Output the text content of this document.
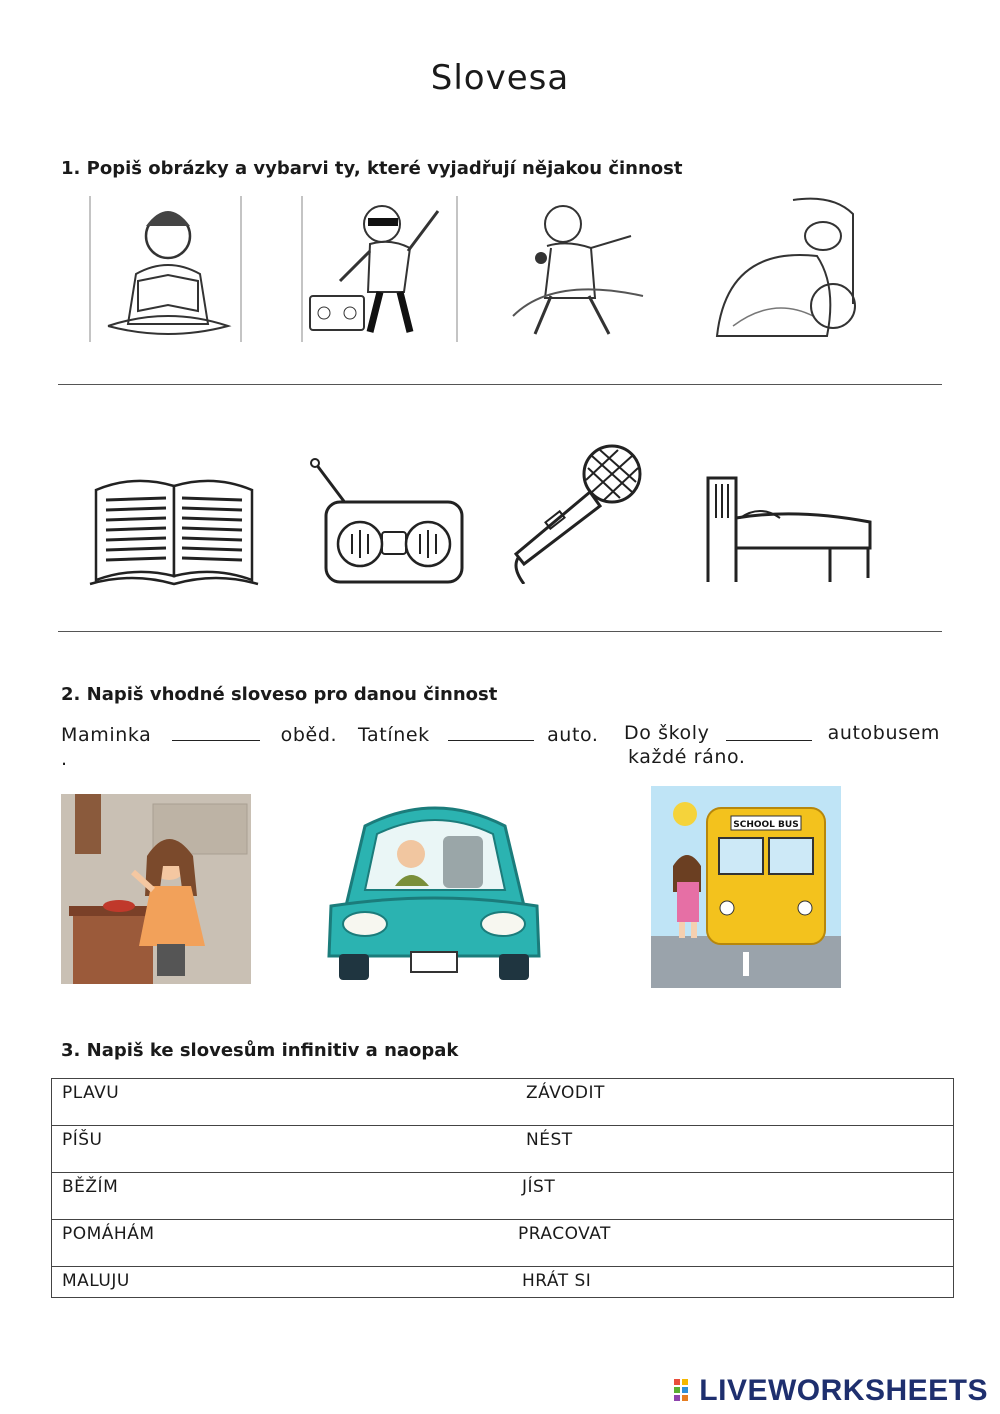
Slovesa
1. Popiš obrázky a vybarvi ty, které vyjadřují nějakou činnost
2. Napiš vhodné sloveso pro danou činnost
Maminka	oběd.
.
Tatínek	auto. Do školy	autobusem
každé ráno.
SCHOOL BUS
3. Napiš ke slovesům infinitiv a naopak
PLAVU	ZÁVODIT
PÍŠU	NÉST
BĚŽÍM	JÍST
POMÁHÁM	PRACOVAT
MALUJU	HRÁT SI
LIVEWORKSHEETS
